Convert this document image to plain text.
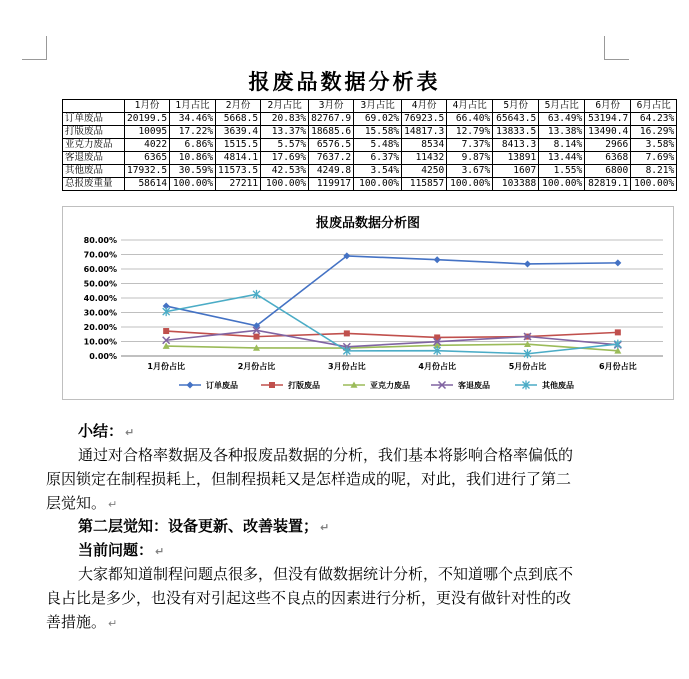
报废品数据分析表
	1月份	1月占比	2月份	2月占比	3月份	3月占比	4月份	4月占比	5月份	5月占比	6月份	6月占比
订单废品	20199.5	34.46%	5668.5	20.83%	82767.9	69.02%	76923.5	66.40%	65643.5	63.49%	53194.7	64.23%
打版废品	10095	17.22%	3639.4	13.37%	18685.6	15.58%	14817.3	12.79%	13833.5	13.38%	13490.4	16.29%
亚克力废品	4022	6.86%	1515.5	5.57%	6576.5	5.48%	8534	7.37%	8413.3	8.14%	2966	3.58%
客退废品	6365	10.86%	4814.1	17.69%	7637.2	6.37%	11432	9.87%	13891	13.44%	6368	7.69%
其他废品	17932.5	30.59%	11573.5	42.53%	4249.8	3.54%	4250	3.67%	1607	1.55%	6800	8.21%
总报废重量	58614	100.00%	27211	100.00%	119917	100.00%	115857	100.00%	103388	100.00%	82819.1	100.00%
报废品数据分析图
0.00%
10.00%
20.00%
30.00%
40.00%
50.00%
60.00%
70.00%
80.00%
1月份占比	2月份占比	3月份占比	4月份占比	5月份占比	6月份占比
订单废品	打版废品	亚克力废品	客退废品	其他废品
小结： ↵
通过对合格率数据及各种报废品数据的分析，我们基本将影响合格率偏低的
原因锁定在制程损耗上，但制程损耗又是怎样造成的呢，对此，我们进行了第二
层觉知。 ↵
第二层觉知：设备更新、改善装置； ↵
当前问题： ↵
大家都知道制程问题点很多，但没有做数据统计分析，不知道哪个点到底不
良占比是多少，也没有对引起这些不良点的因素进行分析，更没有做针对性的改
善措施。 ↵
